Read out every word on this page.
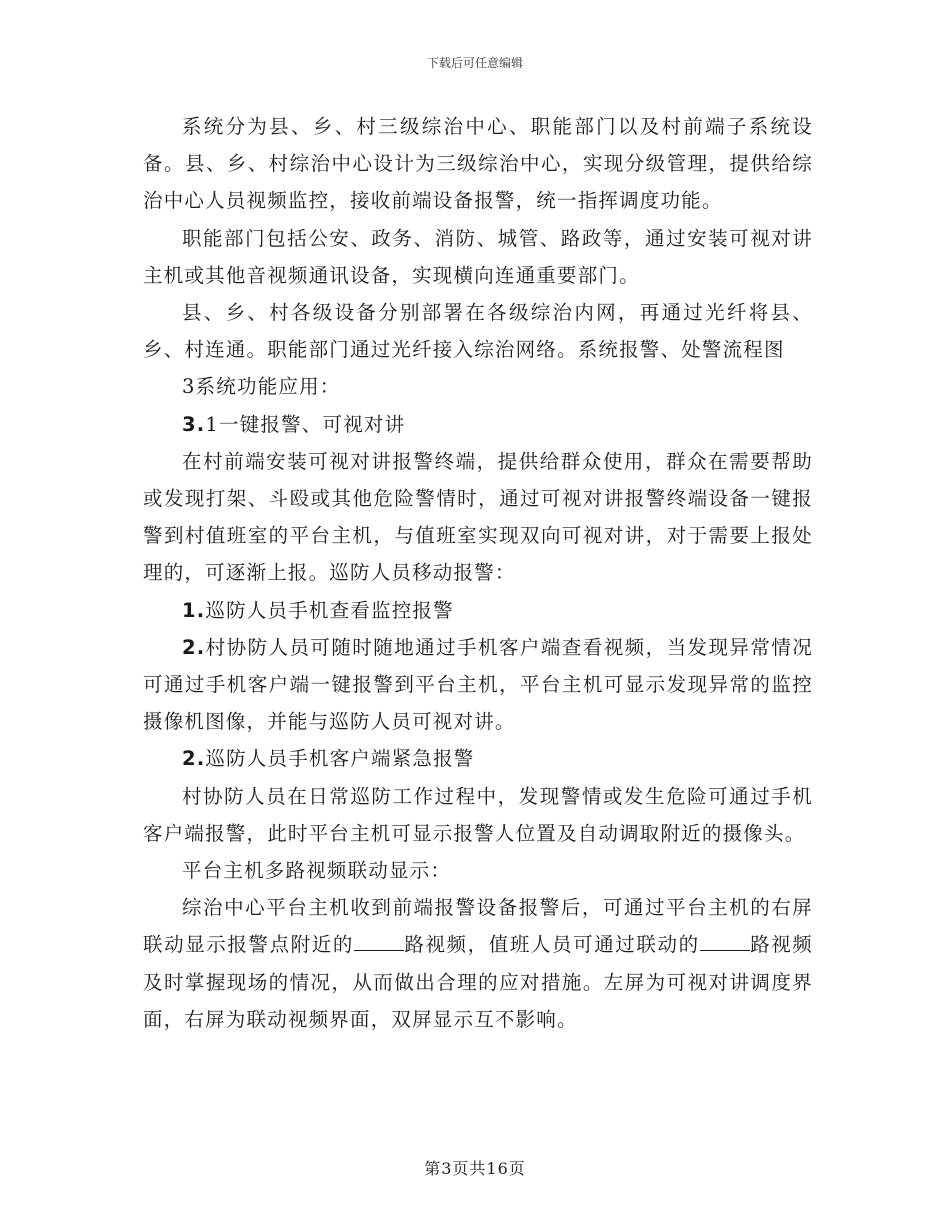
下载后可任意编辑

系统分为县、乡、村三级综治中心、职能部门以及村前端子系统设备。县、乡、村综治中心设计为三级综治中心，实现分级管理，提供给综治中心人员视频监控，接收前端设备报警，统一指挥调度功能。

职能部门包括公安、政务、消防、城管、路政等，通过安装可视对讲主机或其他音视频通讯设备，实现横向连通重要部门。

县、乡、村各级设备分别部署在各级综治内网，再通过光纤将县、乡、村连通。职能部门通过光纤接入综治网络。系统报警、处警流程图

3系统功能应用：

3.1一键报警、可视对讲

在村前端安装可视对讲报警终端，提供给群众使用，群众在需要帮助或发现打架、斗殴或其他危险警情时，通过可视对讲报警终端设备一键报警到村值班室的平台主机，与值班室实现双向可视对讲，对于需要上报处理的，可逐渐上报。巡防人员移动报警：

1.巡防人员手机查看监控报警

2.村协防人员可随时随地通过手机客户端查看视频，当发现异常情况可通过手机客户端一键报警到平台主机，平台主机可显示发现异常的监控摄像机图像，并能与巡防人员可视对讲。

2.巡防人员手机客户端紧急报警

村协防人员在日常巡防工作过程中，发现警情或发生危险可通过手机客户端报警，此时平台主机可显示报警人位置及自动调取附近的摄像头。

平台主机多路视频联动显示：

综治中心平台主机收到前端报警设备报警后，可通过平台主机的右屏联动显示报警点附近的	路视频，值班人员可通过联动的	路视频及时掌握现场的情况，从而做出合理的应对措施。左屏为可视对讲调度界面，右屏为联动视频界面，双屏显示互不影响。

第3页共16页
